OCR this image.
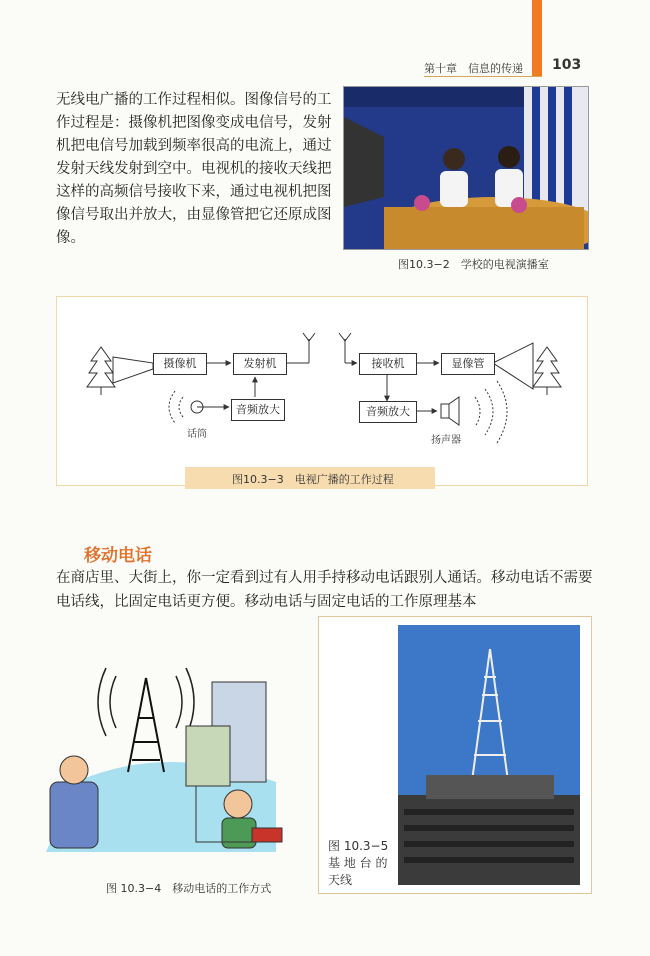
第十章　信息的传递 103
无线电广播的工作过程相似。图像信号的工作过程是：摄像机把图像变成电信号，发射机把电信号加载到频率很高的电流上，通过发射天线发射到空中。电视机的接收天线把这样的高频信号接收下来，通过电视机把图像信号取出并放大，由显像管把它还原成图像。
图10.3−2　学校的电视演播室
摄像机	发射机
音频放大
接收机	显像管
音频放大
话筒
扬声器
图10.3−3　电视广播的工作过程
移动电话
在商店里、大街上，你一定看到过有人用手持移动电话跟别人通话。移动电话不需要电话线，比固定电话更方便。移动电话与固定电话的工作原理基本
图 10.3−4　移动电话的工作方式
图 10.3−5
基 地 台 的
天线
